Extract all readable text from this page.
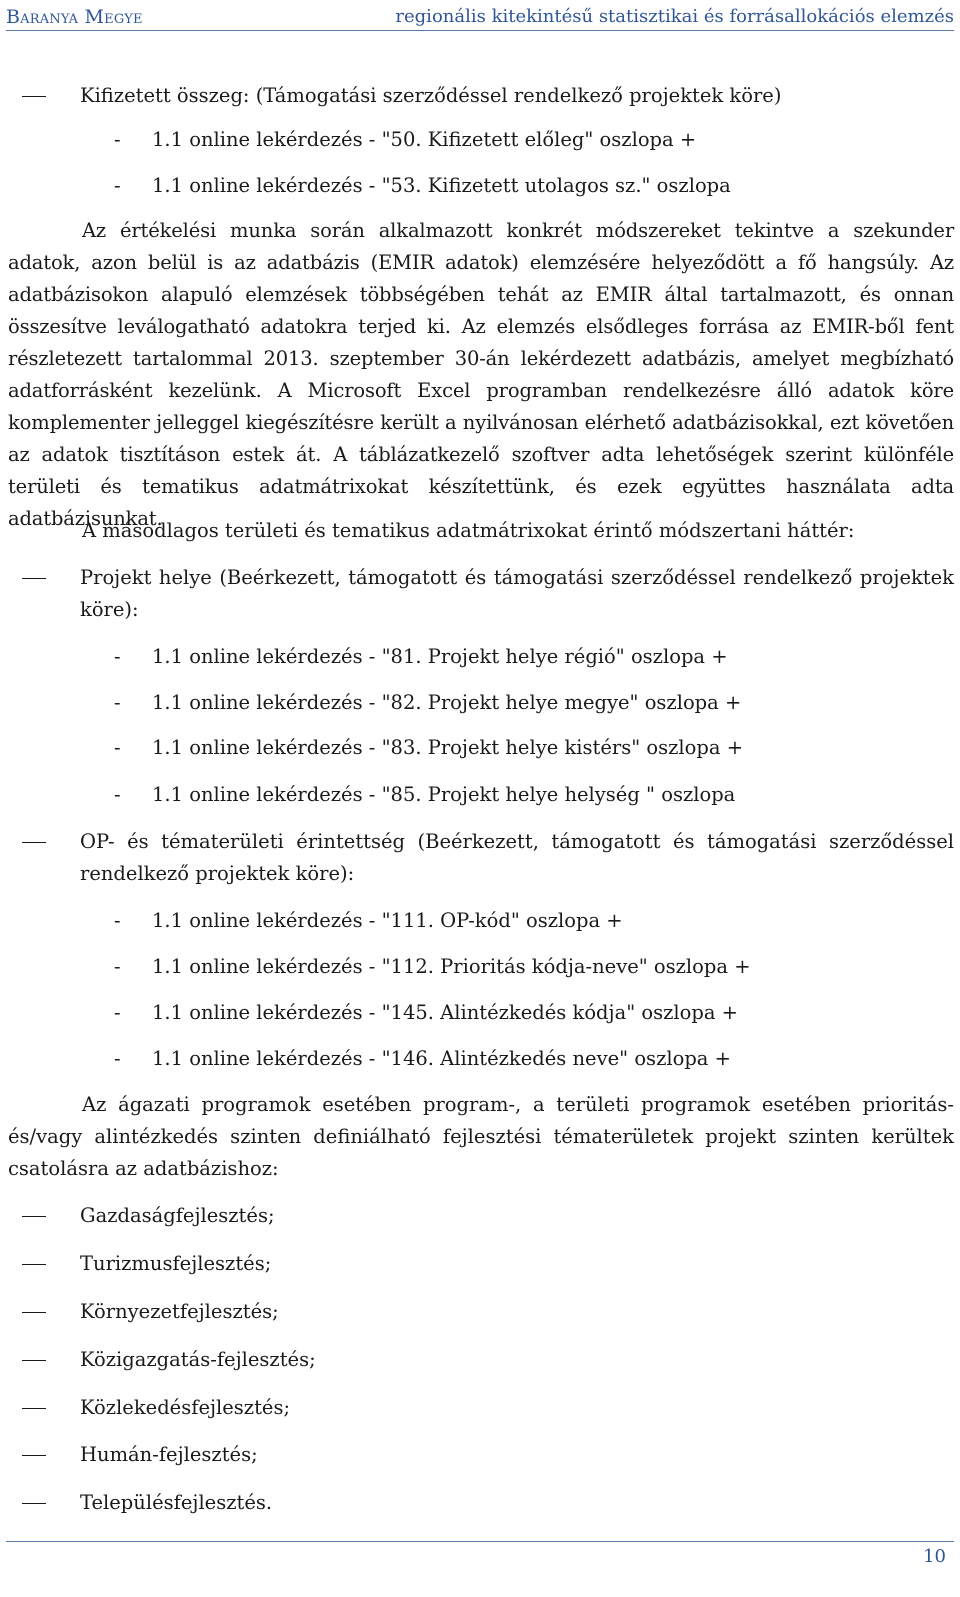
Baranya Megye	regionális kitekintésű statisztikai és forrásallokációs elemzés
Kifizetett összeg: (Támogatási szerződéssel rendelkező projektek köre)
- 1.1 online lekérdezés - "50. Kifizetett előleg" oszlopa +
- 1.1 online lekérdezés - "53. Kifizetett utolagos sz." oszlopa

Az értékelési munka során alkalmazott konkrét módszereket tekintve a szekunder adatok, azon belül is az adatbázis (EMIR adatok) elemzésére helyeződött a fő hangsúly. Az adatbázisokon alapuló elemzések többségében tehát az EMIR által tartalmazott, és onnan összesítve leválogatható adatokra terjed ki. Az elemzés elsődleges forrása az EMIR-ből fent részletezett tartalommal 2013. szeptember 30-án lekérdezett adatbázis, amelyet megbízható adatforrásként kezelünk. A Microsoft Excel programban rendelkezésre álló adatok köre komplementer jelleggel kiegészítésre került a nyilvánosan elérhető adatbázisokkal, ezt követően az adatok tisztításon estek át. A táblázatkezelő szoftver adta lehetőségek szerint különféle területi és tematikus adatmátrixokat készítettünk, és ezek együttes használata adta adatbázisunkat.

A másodlagos területi és tematikus adatmátrixokat érintő módszertani háttér:

Projekt helye (Beérkezett, támogatott és támogatási szerződéssel rendelkező projektek köre):
- 1.1 online lekérdezés - "81. Projekt helye régió" oszlopa +
- 1.1 online lekérdezés - "82. Projekt helye megye" oszlopa +
- 1.1 online lekérdezés - "83. Projekt helye kistérs" oszlopa +
- 1.1 online lekérdezés - "85. Projekt helye helység " oszlopa
OP- és tématerületi érintettség (Beérkezett, támogatott és támogatási szerződéssel rendelkező projektek köre):
- 1.1 online lekérdezés - "111. OP-kód" oszlopa +
- 1.1 online lekérdezés - "112. Prioritás kódja-neve" oszlopa +
- 1.1 online lekérdezés - "145. Alintézkedés kódja" oszlopa +
- 1.1 online lekérdezés - "146. Alintézkedés neve" oszlopa +

Az ágazati programok esetében program-, a területi programok esetében prioritás- és/vagy alintézkedés szinten definiálható fejlesztési tématerületek projekt szinten kerültek csatolásra az adatbázishoz:

Gazdaságfejlesztés;
Turizmusfejlesztés;
Környezetfejlesztés;
Közigazgatás-fejlesztés;
Közlekedésfejlesztés;
Humán-fejlesztés;
Településfejlesztés.
10
